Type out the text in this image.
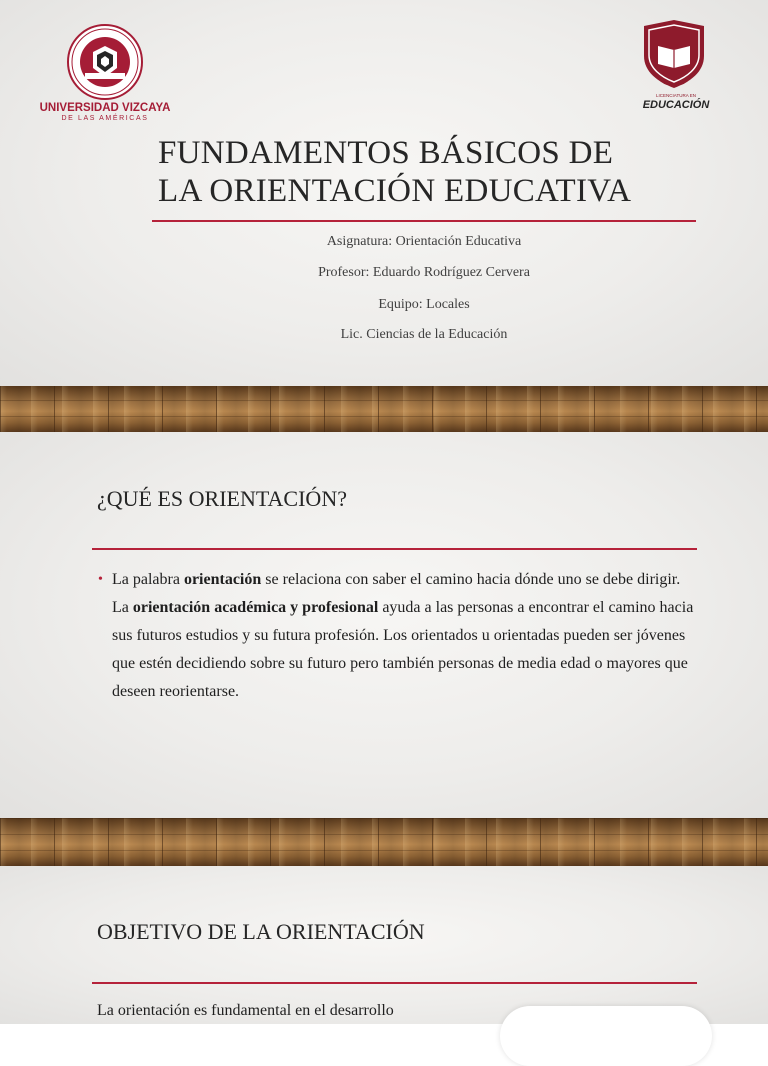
UNIVERSIDAD VIZCAYA
DE LAS AMÉRICAS
LICENCIATURA EN
EDUCACIÓN
FUNDAMENTOS BÁSICOS DE
LA ORIENTACIÓN EDUCATIVA
Asignatura: Orientación Educativa
Profesor: Eduardo Rodríguez Cervera
Equipo: Locales
Lic. Ciencias de la Educación
¿QUÉ ES ORIENTACIÓN?
• La palabra orientación se relaciona con saber el camino hacia dónde uno se debe dirigir. La orientación académica y profesional ayuda a las personas a encontrar el camino hacia sus futuros estudios y su futura profesión. Los orientados u orientadas pueden ser jóvenes que estén decidiendo sobre su futuro pero también personas de media edad o mayores que deseen reorientarse.
OBJETIVO DE LA ORIENTACIÓN
La orientación es fundamental en el desarrollo
